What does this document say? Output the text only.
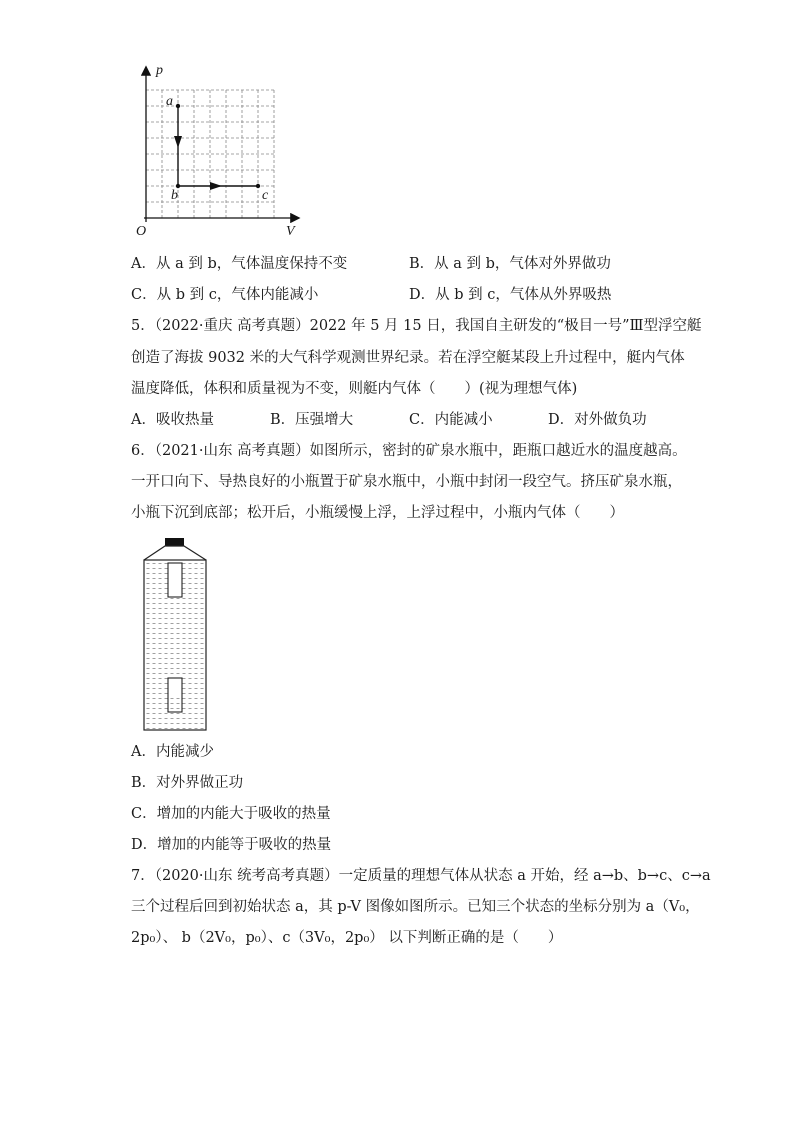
p
V
O
a
b	c
A．从 a 到 b，气体温度保持不变	B．从 a 到 b，气体对外界做功
C．从 b 到 c，气体内能减小	D．从 b 到 c，气体从外界吸热
5．（2022·重庆 高考真题）2022 年 5 月 15 日，我国自主研发的“极目一号”Ⅲ型浮空艇
创造了海拔 9032 米的大气科学观测世界纪录。若在浮空艇某段上升过程中，艇内气体
温度降低，体积和质量视为不变，则艇内气体（　　）(视为理想气体)
A．吸收热量	B．压强增大	C．内能减小	D．对外做负功
6．（2021·山东 高考真题）如图所示，密封的矿泉水瓶中，距瓶口越近水的温度越高。
一开口向下、导热良好的小瓶置于矿泉水瓶中，小瓶中封闭一段空气。挤压矿泉水瓶，
小瓶下沉到底部；松开后，小瓶缓慢上浮，上浮过程中，小瓶内气体（　　）
A．内能减少
B．对外界做正功
C．增加的内能大于吸收的热量
D．增加的内能等于吸收的热量
7．（2020·山东 统考高考真题）一定质量的理想气体从状态 a 开始，经 a→b、b→c、c→a
三个过程后回到初始状态 a，其 p-V 图像如图所示。已知三个状态的坐标分别为 a（V₀，
2p₀）、 b（2V₀，p₀）、c（3V₀，2p₀） 以下判断正确的是（　　）
